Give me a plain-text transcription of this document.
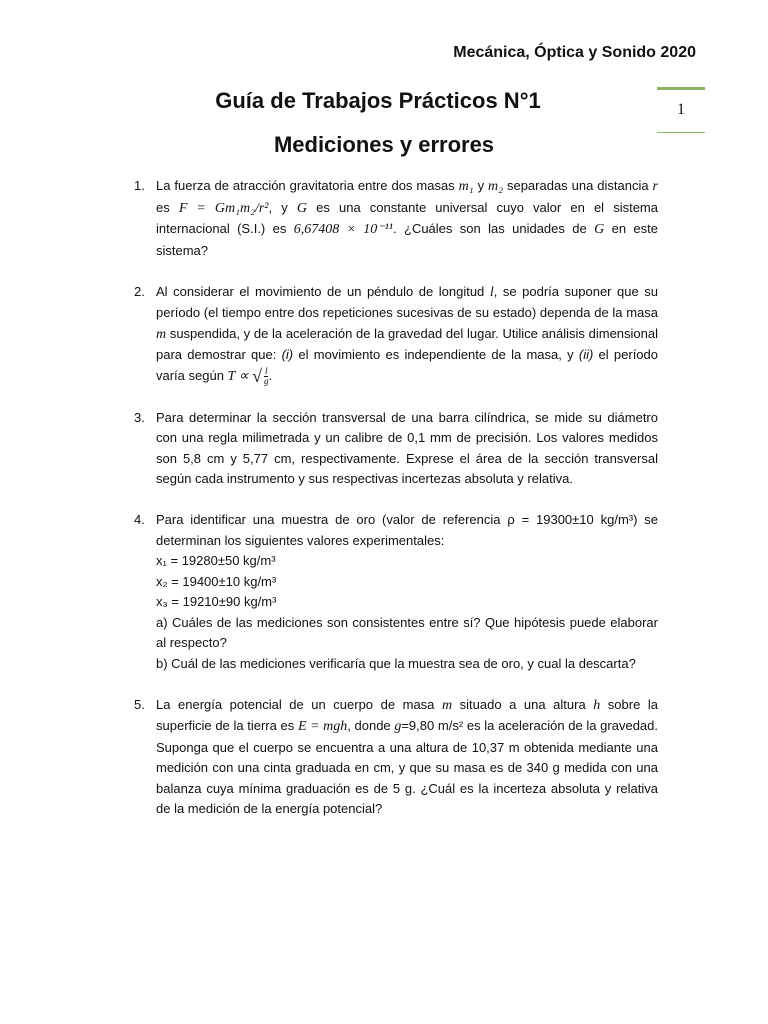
Mecánica, Óptica y Sonido 2020
1
Guía de Trabajos Prácticos N°1
Mediciones y errores
1. La fuerza de atracción gravitatoria entre dos masas m₁ y m₂ separadas una distancia r es F = Gm₁m₂/r², y G es una constante universal cuyo valor en el sistema internacional (S.I.) es 6,67408 × 10⁻¹¹. ¿Cuáles son las unidades de G en este sistema?
2. Al considerar el movimiento de un péndulo de longitud l, se podría suponer que su período (el tiempo entre dos repeticiones sucesivas de su estado) dependa de la masa m suspendida, y de la aceleración de la gravedad del lugar. Utilice análisis dimensional para demostrar que: (i) el movimiento es independiente de la masa, y (ii) el período varía según T ∝ √ $\frac{l}{g}$ .
3. Para determinar la sección transversal de una barra cilíndrica, se mide su diámetro con una regla milimetrada y un calibre de 0,1 mm de precisión. Los valores medidos son 5,8 cm y 5,77 cm, respectivamente. Exprese el área de la sección transversal según cada instrumento y sus respectivas incertezas absoluta y relativa.
4. Para identificar una muestra de oro (valor de referencia ρ = 19300±10 kg/m³) se determinan los siguientes valores experimentales:
x₁ = 19280±50 kg/m³
x₂ = 19400±10 kg/m³
x₃ = 19210±90 kg/m³
a) Cuáles de las mediciones son consistentes entre sí? Que hipótesis puede elaborar al respecto?
b) Cuál de las mediciones verificaría que la muestra sea de oro, y cual la descarta?
5. La energía potencial de un cuerpo de masa m situado a una altura h sobre la superficie de la tierra es E = mgh, donde g=9,80 m/s² es la aceleración de la gravedad. Suponga que el cuerpo se encuentra a una altura de 10,37 m obtenida mediante una medición con una cinta graduada en cm, y que su masa es de 340 g medida con una balanza cuya mínima graduación es de 5 g. ¿Cuál es la incerteza absoluta y relativa de la medición de la energía potencial?
